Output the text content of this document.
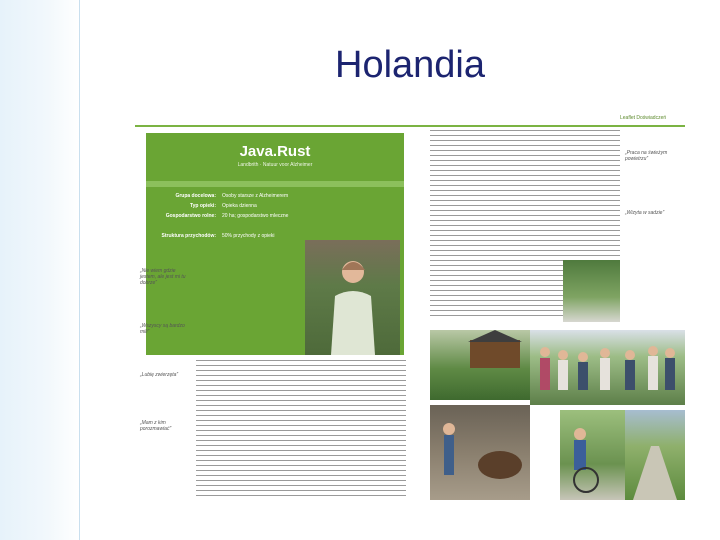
Holandia
Leaflet Doświadczeń
Java.Rust
Landbrith · Natuur voor Alzheimer
Grupa docelowa: Osoby starsze z Alzheimerem
Typ opieki: Opieka dzienna
Gospodarstwo rolne: 20 ha; gospodarstwo mleczne
Struktura przychodów: 50% przychody z opieki
„Nie wiem gdzie jestem, ale jest mi tu dobrze”
„Wszyscy są bardzo mili”
„Lubię zwierzęta”
„Mam z kim porozmawiać”
„Praca na świeżym powietrzu”
„Wizyta w sadzie”
